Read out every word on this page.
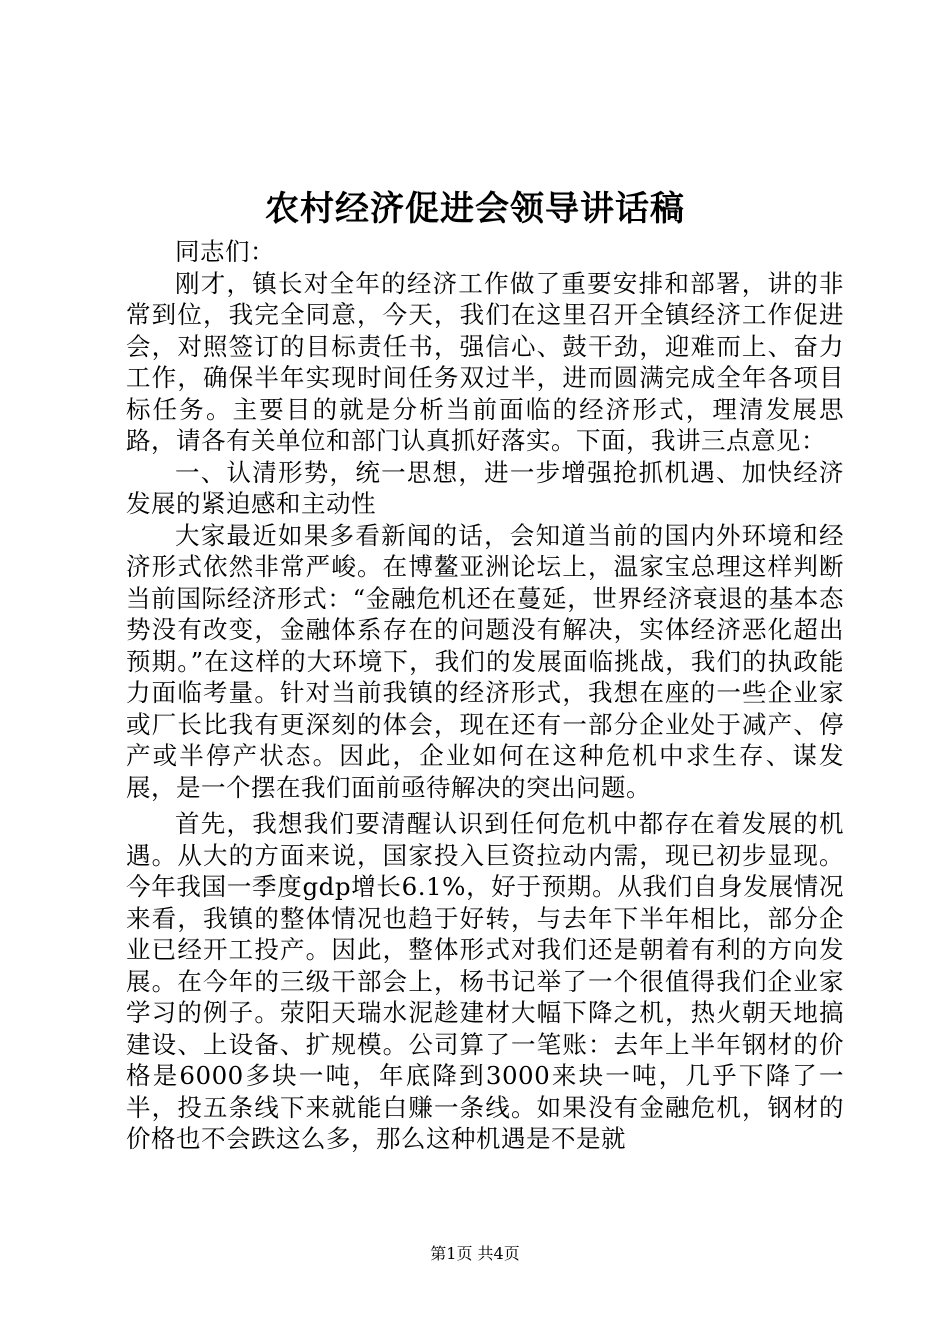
农村经济促进会领导讲话稿

同志们：

刚才，镇长对全年的经济工作做了重要安排和部署，讲的非常到位，我完全同意，今天，我们在这里召开全镇经济工作促进会，对照签订的目标责任书，强信心、鼓干劲，迎难而上、奋力工作，确保半年实现时间任务双过半，进而圆满完成全年各项目标任务。主要目的就是分析当前面临的经济形式，理清发展思路，请各有关单位和部门认真抓好落实。下面，我讲三点意见：

一、认清形势，统一思想，进一步增强抢抓机遇、加快经济发展的紧迫感和主动性

大家最近如果多看新闻的话，会知道当前的国内外环境和经济形式依然非常严峻。在博鳌亚洲论坛上，温家宝总理这样判断当前国际经济形式：“金融危机还在蔓延，世界经济衰退的基本态势没有改变，金融体系存在的问题没有解决，实体经济恶化超出预期。”在这样的大环境下，我们的发展面临挑战，我们的执政能力面临考量。针对当前我镇的经济形式，我想在座的一些企业家或厂长比我有更深刻的体会，现在还有一部分企业处于减产、停产或半停产状态。因此，企业如何在这种危机中求生存、谋发展，是一个摆在我们面前亟待解决的突出问题。

首先，我想我们要清醒认识到任何危机中都存在着发展的机遇。从大的方面来说，国家投入巨资拉动内需，现已初步显现。今年我国一季度gdp增长6.1%，好于预期。从我们自身发展情况来看，我镇的整体情况也趋于好转，与去年下半年相比，部分企业已经开工投产。因此，整体形式对我们还是朝着有利的方向发展。在今年的三级干部会上，杨书记举了一个很值得我们企业家学习的例子。荥阳天瑞水泥趁建材大幅下降之机，热火朝天地搞建设、上设备、扩规模。公司算了一笔账：去年上半年钢材的价格是6000多块一吨，年底降到3000来块一吨，几乎下降了一半，投五条线下来就能白赚一条线。如果没有金融危机，钢材的价格也不会跌这么多，那么这种机遇是不是就

第1页 共4页
